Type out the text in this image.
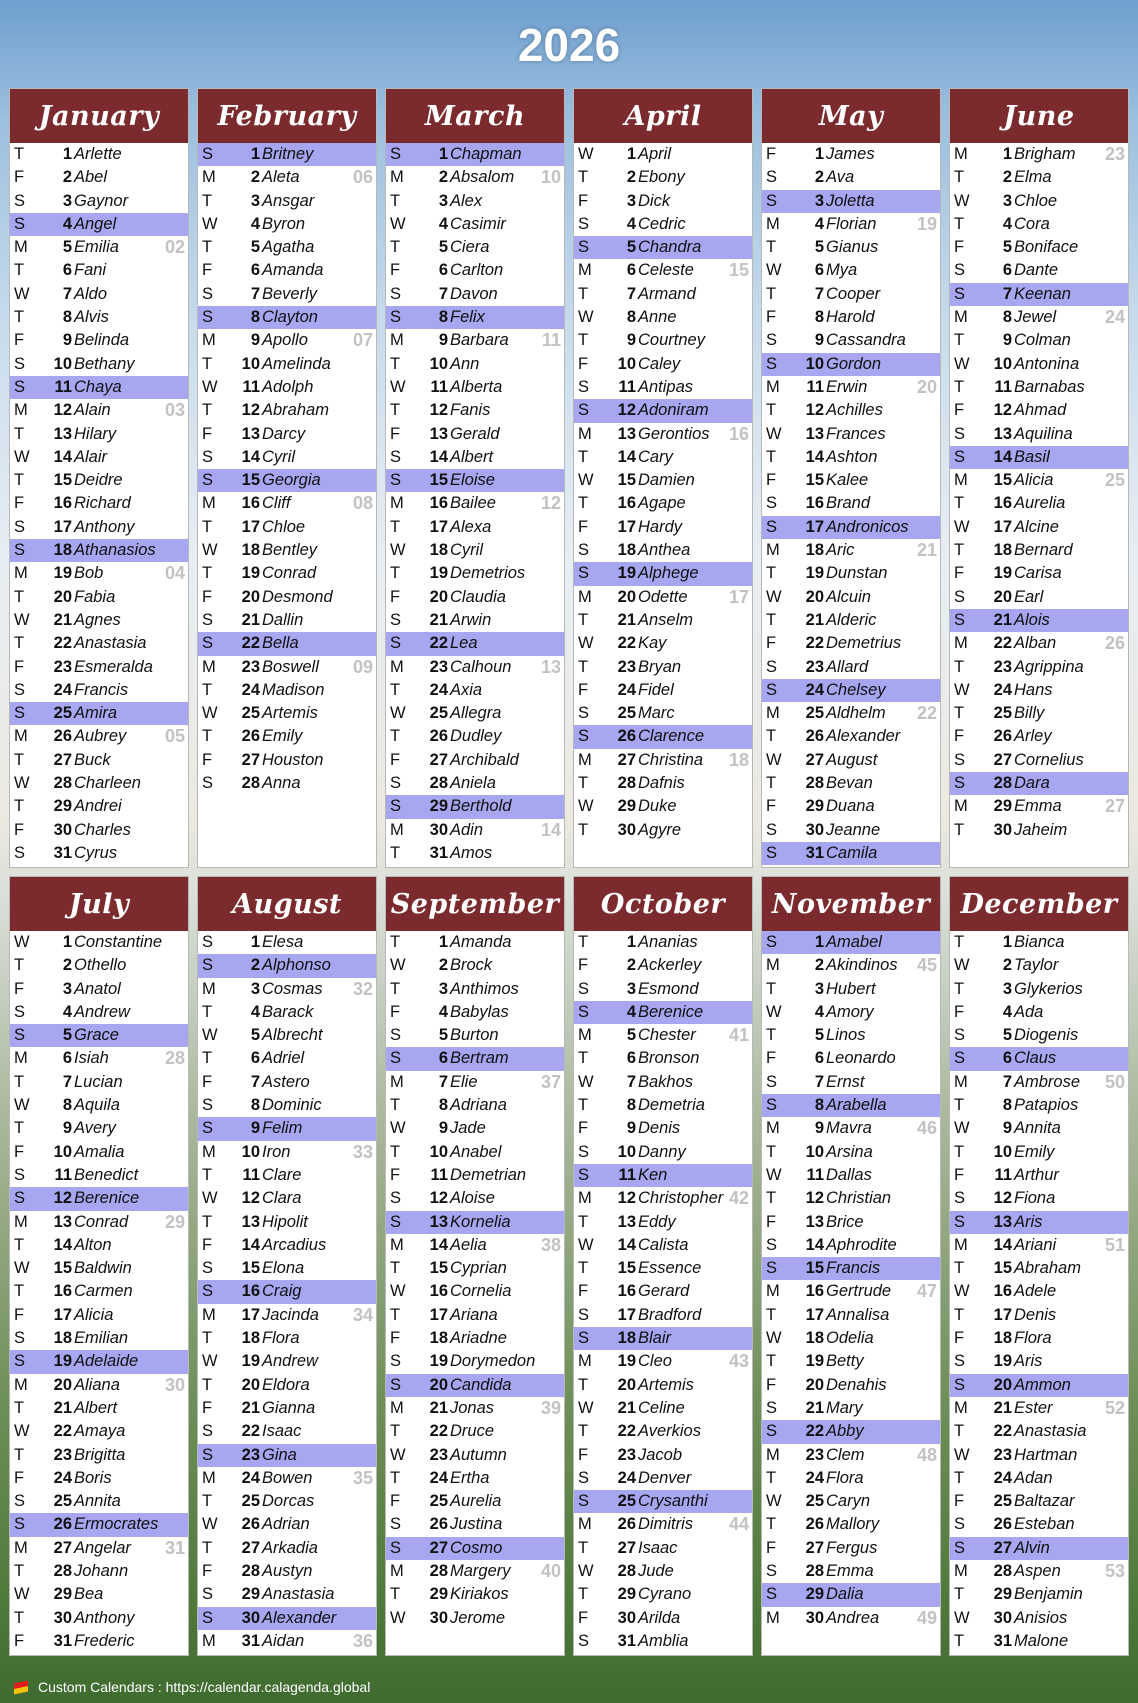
2026
January
T	1 Arlette
F	2 Abel
S	3 Gaynor
S	4 Angel
M	5 Emilia	02
T	6 Fani
W	7 Aldo
T	8 Alvis
F	9 Belinda
S	10 Bethany
S	11 Chaya
M	12 Alain	03
T	13 Hilary
W	14 Alair
T	15 Deidre
F	16 Richard
S	17 Anthony
S	18 Athanasios
M	19 Bob	04
T	20 Fabia
W	21 Agnes
T	22 Anastasia
F	23 Esmeralda
S	24 Francis
S	25 Amira
M	26 Aubrey 05
T	27 Buck
W	28 Charleen
T	29 Andrei
F	30 Charles
S	31 Cyrus
February
S	1 Britney
M	2 Aleta	06
T	3 Ansgar
W	4 Byron
T	5 Agatha
F	6 Amanda
S	7 Beverly
S	8 Clayton
M	9 Apollo	07
T	10 Amelinda
W	11 Adolph
T	12 Abraham
F	13 Darcy
S	14 Cyril
S	15 Georgia
M	16 Cliff	08
T	17 Chloe
W	18 Bentley
T	19 Conrad
F	20 Desmond
S	21 Dallin
S	22 Bella
M	23 Boswell 09
T	24 Madison
W	25 Artemis
T	26 Emily
F	27 Houston
S	28 Anna
March
S	1 Chapman
M	2 Absalom 10
T	3 Alex
W	4 Casimir
T	5 Ciera
F	6 Carlton
S	7 Davon
S	8 Felix
M	9 Barbara 11
T	10 Ann
W	11 Alberta
T	12 Fanis
F	13 Gerald
S	14 Albert
S	15 Eloise
M	16 Bailee	12
T	17 Alexa
W	18 Cyril
T	19 Demetrios
F	20 Claudia
S	21 Arwin
S	22 Lea
M	23 Calhoun 13
T	24 Axia
W	25 Allegra
T	26 Dudley
F	27 Archibald
S	28 Aniela
S	29 Berthold
M	30 Adin	14
T	31 Amos
April
W	1 April
T	2 Ebony
F	3 Dick
S	4 Cedric
S	5 Chandra
M	6 Celeste 15
T	7 Armand
W	8 Anne
T	9 Courtney
F	10 Caley
S	11 Antipas
S	12 Adoniram
M	13 Gerontios 16
T	14 Cary
W	15 Damien
T	16 Agape
F	17 Hardy
S	18 Anthea
S	19 Alphege
M	20 Odette 17
T	21 Anselm
W	22 Kay
T	23 Bryan
F	24 Fidel
S	25 Marc
S	26 Clarence
M	27 Christina 18
T	28 Dafnis
W	29 Duke
T	30 Agyre
May
F	1 James
S	2 Ava
S	3 Joletta
M	4 Florian 19
T	5 Gianus
W	6 Mya
T	7 Cooper
F	8 Harold
S	9 Cassandra
S	10 Gordon
M	11 Erwin	20
T	12 Achilles
W	13 Frances
T	14 Ashton
F	15 Kalee
S	16 Brand
S	17 Andronicos
M	18 Aric	21
T	19 Dunstan
W	20 Alcuin
T	21 Alderic
F	22 Demetrius
S	23 Allard
S	24 Chelsey
M	25 Aldhelm 22
T	26 Alexander
W	27 August
T	28 Bevan
F	29 Duana
S	30 Jeanne
S	31 Camila
June
M	1 Brigham 23
T	2 Elma
W	3 Chloe
T	4 Cora
F	5 Boniface
S	6 Dante
S	7 Keenan
M	8 Jewel	24
T	9 Colman
W	10 Antonina
T	11 Barnabas
F	12 Ahmad
S	13 Aquilina
S	14 Basil
M	15 Alicia	25
T	16 Aurelia
W	17 Alcine
T	18 Bernard
F	19 Carisa
S	20 Earl
S	21 Alois
M	22 Alban	26
T	23 Agrippina
W	24 Hans
T	25 Billy
F	26 Arley
S	27 Cornelius
S	28 Dara
M	29 Emma 27
T	30 Jaheim
July
W	1 Constantine
T	2 Othello
F	3 Anatol
S	4 Andrew
S	5 Grace
M	6 Isiah	28
T	7 Lucian
W	8 Aquila
T	9 Avery
F	10 Amalia
S	11 Benedict
S	12 Berenice
M	13 Conrad 29
T	14 Alton
W	15 Baldwin
T	16 Carmen
F	17 Alicia
S	18 Emilian
S	19 Adelaide
M	20 Aliana	30
T	21 Albert
W	22 Amaya
T	23 Brigitta
F	24 Boris
S	25 Annita
S	26 Ermocrates
M	27 Angelar 31
T	28 Johann
W	29 Bea
T	30 Anthony
F	31 Frederic
August
S	1 Elesa
S	2 Alphonso
M	3 Cosmas 32
T	4 Barack
W	5 Albrecht
T	6 Adriel
F	7 Astero
S	8 Dominic
S	9 Felim
M	10 Iron	33
T	11 Clare
W	12 Clara
T	13 Hipolit
F	14 Arcadius
S	15 Elona
S	16 Craig
M	17 Jacinda 34
T	18 Flora
W	19 Andrew
T	20 Eldora
F	21 Gianna
S	22 Isaac
S	23 Gina
M	24 Bowen 35
T	25 Dorcas
W	26 Adrian
T	27 Arkadia
F	28 Austyn
S	29 Anastasia
S	30 Alexander
M	31 Aidan	36
September
T	1 Amanda
W	2 Brock
T	3 Anthimos
F	4 Babylas
S	5 Burton
S	6 Bertram
M	7 Elie	37
T	8 Adriana
W	9 Jade
T	10 Anabel
F	11 Demetrian
S	12 Aloise
S	13 Kornelia
M	14 Aelia	38
T	15 Cyprian
W	16 Cornelia
T	17 Ariana
F	18 Ariadne
S	19 Dorymedon
S	20 Candida
M	21 Jonas	39
T	22 Druce
W	23 Autumn
T	24 Ertha
F	25 Aurelia
S	26 Justina
S	27 Cosmo
M	28 Margery 40
T	29 Kiriakos
W	30 Jerome
October
T	1 Ananias
F	2 Ackerley
S	3 Esmond
S	4 Berenice
M	5 Chester 41
T	6 Bronson
W	7 Bakhos
T	8 Demetria
F	9 Denis
S	10 Danny
S	11 Ken
M	12 Christopher 42
T	13 Eddy
W	14 Calista
T	15 Essence
F	16 Gerard
S	17 Bradford
S	18 Blair
M	19 Cleo	43
T	20 Artemis
W	21 Celine
T	22 Averkios
F	23 Jacob
S	24 Denver
S	25 Crysanthi
M	26 Dimitris 44
T	27 Isaac
W	28 Jude
T	29 Cyrano
F	30 Arilda
S	31 Amblia
November
S	1 Amabel
M	2 Akindinos 45
T	3 Hubert
W	4 Amory
T	5 Linos
F	6 Leonardo
S	7 Ernst
S	8 Arabella
M	9 Mavra	46
T	10 Arsina
W	11 Dallas
T	12 Christian
F	13 Brice
S	14 Aphrodite
S	15 Francis
M	16 Gertrude 47
T	17 Annalisa
W	18 Odelia
T	19 Betty
F	20 Denahis
S	21 Mary
S	22 Abby
M	23 Clem	48
T	24 Flora
W	25 Caryn
T	26 Mallory
F	27 Fergus
S	28 Emma
S	29 Dalia
M	30 Andrea 49
December
T	1 Bianca
W	2 Taylor
T	3 Glykerios
F	4 Ada
S	5 Diogenis
S	6 Claus
M	7 Ambrose 50
T	8 Patapios
W	9 Annita
T	10 Emily
F	11 Arthur
S	12 Fiona
S	13 Aris
M	14 Ariani	51
T	15 Abraham
W	16 Adele
T	17 Denis
F	18 Flora
S	19 Aris
S	20 Ammon
M	21 Ester	52
T	22 Anastasia
W	23 Hartman
T	24 Adan
F	25 Baltazar
S	26 Esteban
S	27 Alvin
M	28 Aspen 53
T	29 Benjamin
W	30 Anisios
T	31 Malone
Custom Calendars : https://calendar.calagenda.global
